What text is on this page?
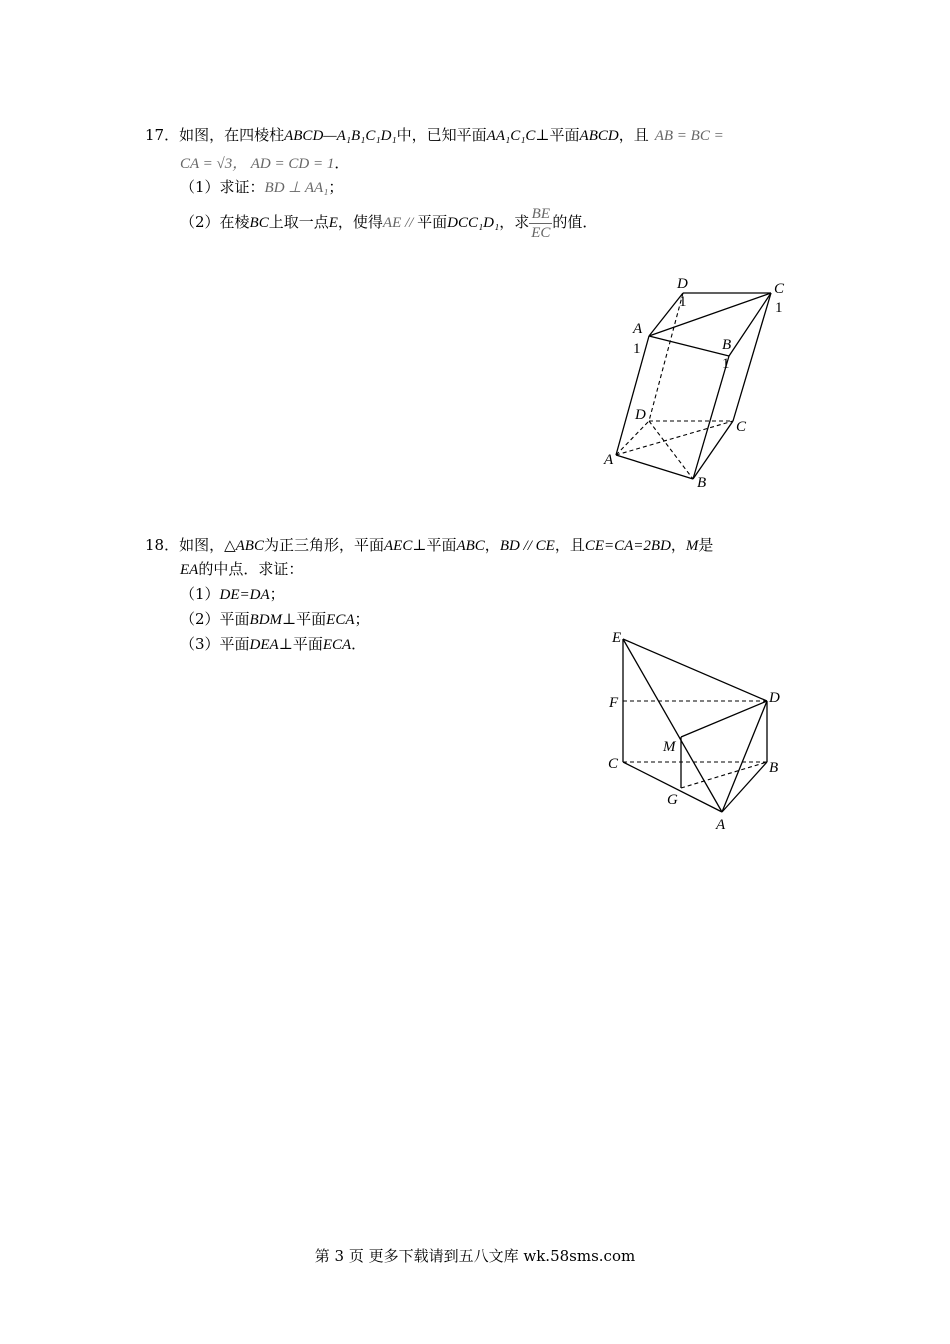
17．如图，在四棱柱ABCD—A₁B₁C₁D₁中，已知平面AA₁C₁C⊥平面ABCD，且 AB = BC =
CA = √3， AD = CD = 1．
（1）求证：BD ⊥ AA₁；
（2）在棱BC上取一点E，使得AE // 平面DCC₁D₁，求 $\frac{BE}{EC}$ 的值．
D
1
C
1
A
1	B
1
D
C
A
B
18．如图，△ABC为正三角形，平面AEC⊥平面ABC，BD // CE，且CE=CA=2BD，M是
EA的中点．求证：
（1）DE=DA；
（2）平面BDM⊥平面ECA；
（3）平面DEA⊥平面ECA．	E
F	D
M
C	B
G
A
第 3 页 更多下载请到五八文库 wk.58sms.com
